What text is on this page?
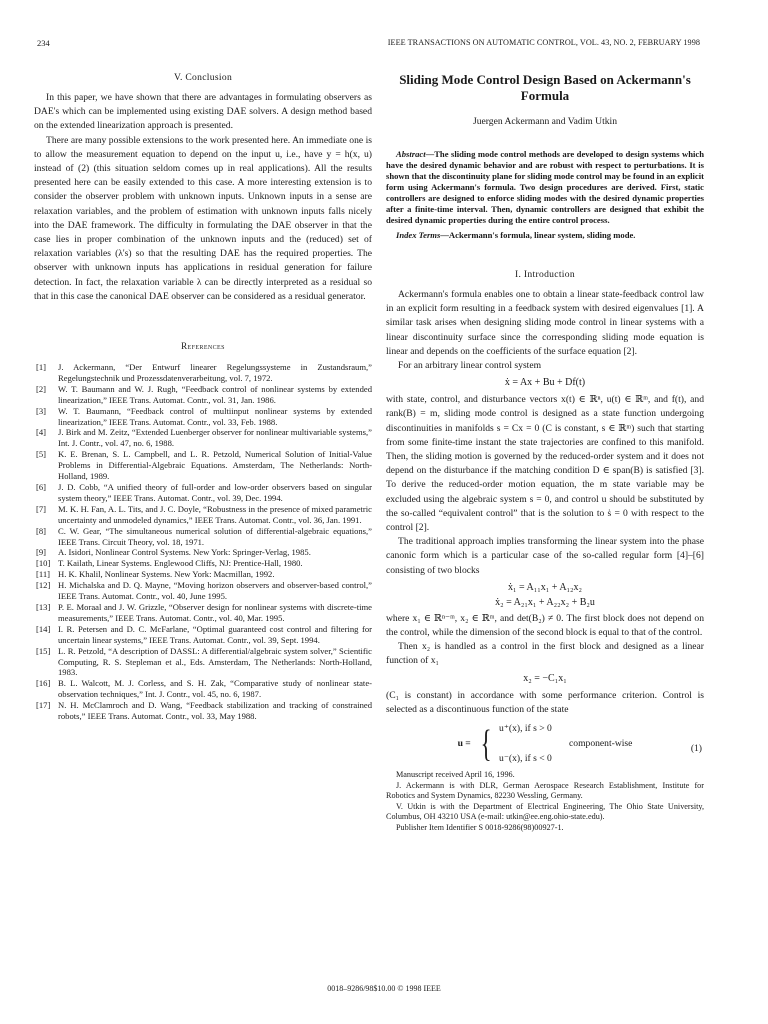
234	IEEE TRANSACTIONS ON AUTOMATIC CONTROL, VOL. 43, NO. 2, FEBRUARY 1998
V. Conclusion

In this paper, we have shown that there are advantages in formulating observers as DAE's which can be implemented using existing DAE solvers. A design method based on the extended linearization approach is presented.

There are many possible extensions to the work presented here. An immediate one is to allow the measurement equation to depend on the input u, i.e., have y = h(x, u) instead of (2) (this situation seldom comes up in real applications). All the results presented here can be easily extended to this case. A more interesting extension is to consider the observer problem with unknown inputs. Unknown inputs in a sense are relaxation variables, and the problem of estimation with unknown inputs falls nicely into the DAE framework. The difficulty in formulating the DAE observer in that the case lies in proper combination of the unknown inputs and the (reduced) set of relaxation variables (λ's) so that the resulting DAE has the required properties. The observer with unknown inputs has applications in residual generation for failure detection. In fact, the relaxation variable λ can be directly interpreted as a residual so that in this case the canonical DAE observer can be considered as a residual generator.

References
[1]	J. Ackermann, “Der Entwurf linearer Regelungssysteme in Zustandsraum,” Regelungstechnik und Prozessdatenverarbeitung, vol. 7, 1972.
[2]	W. T. Baumann and W. J. Rugh, “Feedback control of nonlinear systems by extended linearization,” IEEE Trans. Automat. Contr., vol. 31, Jan. 1986.
[3]	W. T. Baumann, “Feedback control of multiinput nonlinear systems by extended linearization,” IEEE Trans. Automat. Contr., vol. 33, Feb. 1988.
[4]	J. Birk and M. Zeitz, “Extended Luenberger observer for nonlinear multivariable systems,” Int. J. Contr., vol. 47, no. 6, 1988.
[5]	K. E. Brenan, S. L. Campbell, and L. R. Petzold, Numerical Solution of Initial-Value Problems in Differential-Algebraic Equations. Amsterdam, The Netherlands: North-Holland, 1989.
[6]	J. D. Cobb, “A unified theory of full-order and low-order observers based on singular system theory,” IEEE Trans. Automat. Contr., vol. 39, Dec. 1994.
[7]	M. K. H. Fan, A. L. Tits, and J. C. Doyle, “Robustness in the presence of mixed parametric uncertainty and unmodeled dynamics,” IEEE Trans. Automat. Contr., vol. 36, Jan. 1991.
[8]	C. W. Gear, “The simultaneous numerical solution of differential-algebraic equations,” IEEE Trans. Circuit Theory, vol. 18, 1971.
[9]	A. Isidori, Nonlinear Control Systems. New York: Springer-Verlag, 1985.
[10] T. Kailath, Linear Systems. Englewood Cliffs, NJ: Prentice-Hall, 1980.
[11] H. K. Khalil, Nonlinear Systems. New York: Macmillan, 1992.
[12] H. Michalska and D. Q. Mayne, “Moving horizon observers and observer-based control,” IEEE Trans. Automat. Contr., vol. 40, June 1995.
[13] P. E. Moraal and J. W. Grizzle, “Observer design for nonlinear systems with discrete-time measurements,” IEEE Trans. Automat. Contr., vol. 40, Mar. 1995.
[14] I. R. Petersen and D. C. McFarlane, “Optimal guaranteed cost control and filtering for uncertain linear systems,” IEEE Trans. Automat. Contr., vol. 39, Sept. 1994.
[15] L. R. Petzold, “A description of DASSL: A differential/algebraic system solver,” Scientific Computing, R. S. Stepleman et al., Eds. Amsterdam, The Netherlands: North-Holland, 1983.
[16] B. L. Walcott, M. J. Corless, and S. H. Zak, “Comparative study of nonlinear state-observation techniques,” Int. J. Contr., vol. 45, no. 6, 1987.
[17] N. H. McClamroch and D. Wang, “Feedback stabilization and tracking of constrained robots,” IEEE Trans. Automat. Contr., vol. 33, May 1988.
Sliding Mode Control Design Based on Ackermann's Formula
Juergen Ackermann and Vadim Utkin

Abstract—The sliding mode control methods are developed to design systems which have the desired dynamic behavior and are robust with respect to perturbations. It is shown that the discontinuity plane for sliding mode control may be found in an explicit form using Ackermann's formula. Two design procedures are derived. First, static controllers are designed to enforce sliding modes with the desired dynamic properties after a finite-time interval. Then, dynamic controllers are designed that exhibit the desired dynamic properties during the entire control process.

Index Terms—Ackermann's formula, linear system, sliding mode.

I. Introduction

Ackermann's formula enables one to obtain a linear state-feedback control law in an explicit form resulting in a feedback system with desired eigenvalues [1]. A similar task arises when designing sliding mode control in linear systems with a linear discontinuity surface since the corresponding sliding mode equation is linear and depends on the coefficients of the surface equation [2].

For an arbitrary linear control system

ẋ = Ax + Bu + Df(t)

with state, control, and disturbance vectors x(t) ∈ ℝⁿ, u(t) ∈ ℝᵐ, and f(t), and rank(B) = m, sliding mode control is designed as a state function undergoing discontinuities in manifolds s = Cx = 0 (C is constant, s ∈ ℝᵐ) such that starting from some finite-time instant the state trajectories are confined to this manifold. Then, the sliding motion is governed by the reduced-order system and it does not depend on the disturbance if the matching condition D ∈ span(B) is satisfied [3]. To derive the reduced-order motion equation, the m state variable may be excluded using the algebraic system s = 0, and control u should be substituted by the so-called “equivalent control” that is the solution to ṡ = 0 with respect to the control [2].

The traditional approach implies transforming the linear system into the phase canonic form which is a particular case of the so-called regular form [4]–[6] consisting of two blocks

ẋ₁ = A₁₁x₁ + A₁₂x₂
ẋ₂ = A₂₁x₁ + A₂₂x₂ + B₂u

where x₁ ∈ ℝⁿ⁻ᵐ, x₂ ∈ ℝᵐ, and det(B₂) ≠ 0. The first block does not depend on the control, while the dimension of the second block is equal to that of the control.

Then x₂ is handled as a control in the first block and designed as a linear function of x₁

x₂ = −C₁x₁

(C₁ is constant) in accordance with some performance criterion. Control is selected as a discontinuous function of the state

u = { u⁺(x), if s > 0
component-wise
u⁻(x), if s < 0
(1)

Manuscript received April 16, 1996.

J. Ackermann is with DLR, German Aerospace Research Establishment, Institute for Robotics and System Dynamics, 82230 Wessling, Germany.

V. Utkin is with the Department of Electrical Engineering, The Ohio State University, Columbus, OH 43210 USA (e-mail: utkin@ee.eng.ohio-state.edu).

Publisher Item Identifier S 0018-9286(98)00927-1.

0018–9286/98$10.00 © 1998 IEEE
